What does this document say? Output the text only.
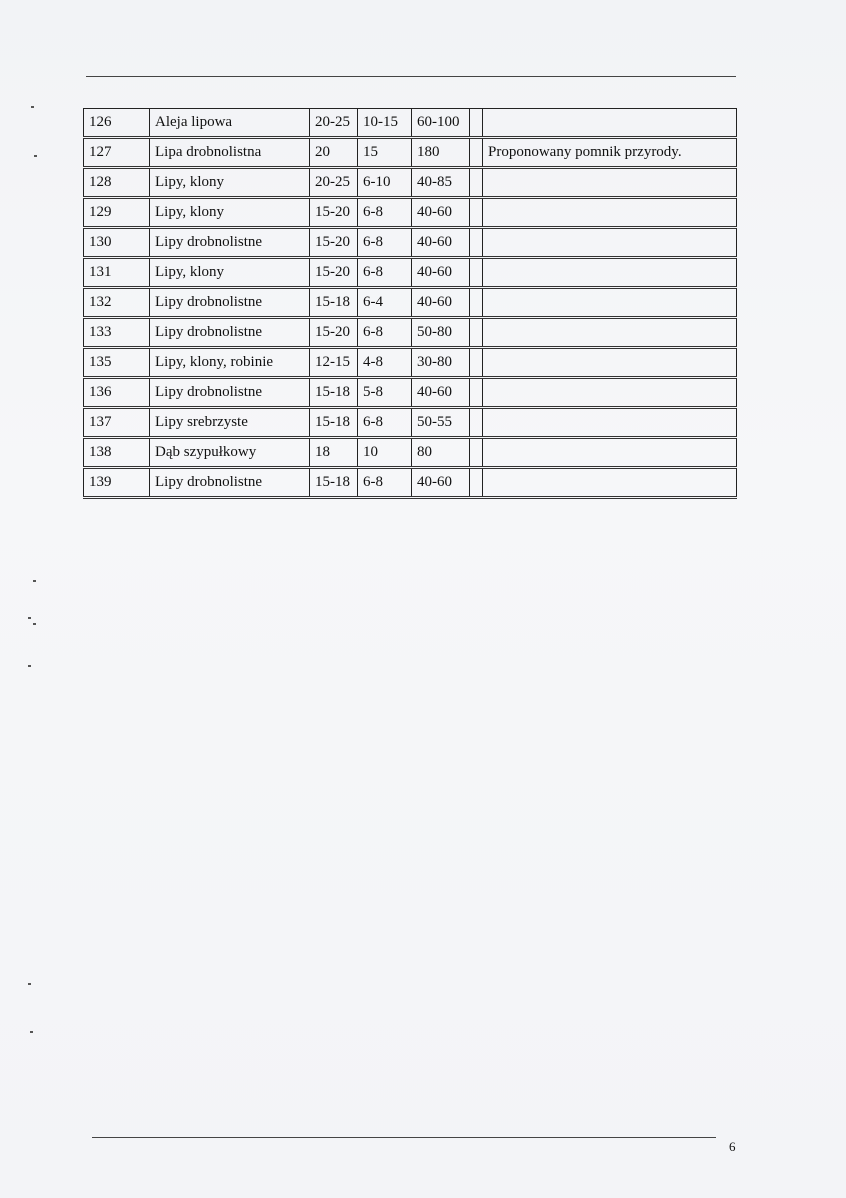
126	Aleja lipowa	20-25	10-15	60-100		
127	Lipa drobnolistna	20	15	180		Proponowany pomnik przyrody.
128	Lipy, klony	20-25	6-10	40-85		
129	Lipy, klony	15-20	6-8	40-60		
130	Lipy drobnolistne	15-20	6-8	40-60		
131	Lipy, klony	15-20	6-8	40-60		
132	Lipy drobnolistne	15-18	6-4	40-60		
133	Lipy drobnolistne	15-20	6-8	50-80		
135	Lipy, klony, robinie	12-15	4-8	30-80		
136	Lipy drobnolistne	15-18	5-8	40-60		
137	Lipy srebrzyste	15-18	6-8	50-55		
138	Dąb szypułkowy	18	10	80		
139	Lipy drobnolistne	15-18	6-8	40-60		
6
